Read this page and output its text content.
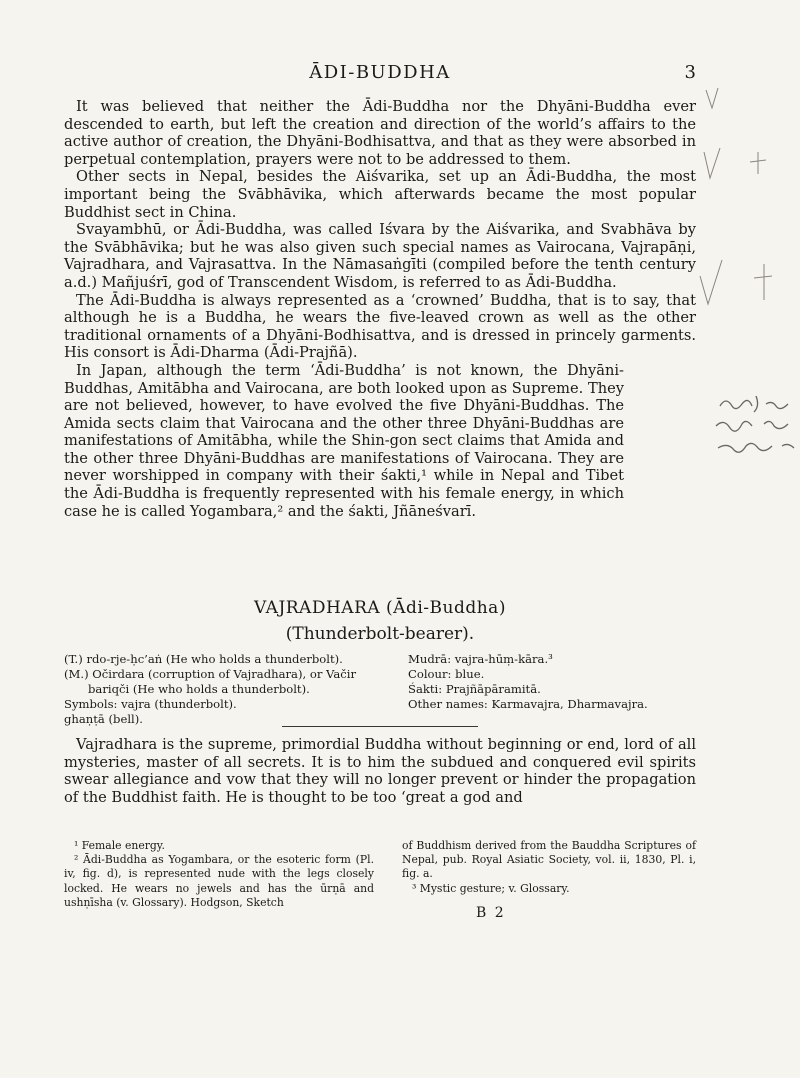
ĀDI-BUDDHA	3

It was believed that neither the Ādi-Buddha nor the Dhyāni-Buddha ever descended to earth, but left the creation and direction of the world’s affairs to the active author of creation, the Dhyāni-Bodhisattva, and that as they were absorbed in perpetual contemplation, prayers were not to be addressed to them.

Other sects in Nepal, besides the Aiśvarika, set up an Ādi-Buddha, the most important being the Svābhāvika, which afterwards became the most popular Buddhist sect in China.

Svayambhū, or Ādi-Buddha, was called Iśvara by the Aiśvarika, and Svabhāva by the Svābhāvika; but he was also given such special names as Vairocana, Vajrapāṇi, Vajradhara, and Vajrasattva. In the Nāmasaṅgīti (compiled before the tenth century a.d.) Mañjuśrī, god of Transcendent Wisdom, is referred to as Ādi-Buddha.

The Ādi-Buddha is always represented as a ‘crowned’ Buddha, that is to say, that although he is a Buddha, he wears the five-leaved crown as well as the other traditional ornaments of a Dhyāni-Bodhisattva, and is dressed in princely garments. His consort is Ādi-Dharma (Ādi-Prajñā).

In Japan, although the term ‘Ādi-Buddha’ is not known, the Dhyāni-Buddhas, Amitābha and Vairocana, are both looked upon as Supreme. They are not believed, however, to have evolved the five Dhyāni-Buddhas. The Amida sects claim that Vairocana and the other three Dhyāni-Buddhas are manifestations of Amitābha, while the Shin-gon sect claims that Amida and the other three Dhyāni-Buddhas are manifestations of Vairocana. They are never worshipped in company with their śakti,¹ while in Nepal and Tibet the Ādi-Buddha is frequently represented with his female energy, in which case he is called Yogambara,² and the śakti, Jñāneśvarī.

VAJRADHARA (Ādi-Buddha)
(Thunderbolt-bearer).
(T.) rdo-rje-ḥc’aṅ (He who holds a thunderbolt).
(M.) Očirdara (corruption of Vajradhara), or Vačir
bariqči (He who holds a thunderbolt).
Symbols: vajra (thunderbolt).
ghaṇṭā (bell).
Mudrā: vajra-hūṃ-kāra.³
Colour: blue.
Śakti: Prajñāpāramitā.
Other names: Karmavajra, Dharmavajra.

Vajradhara is the supreme, primordial Buddha without beginning or end, lord of all mysteries, master of all secrets. It is to him the subdued and conquered evil spirits swear allegiance and vow that they will no longer prevent or hinder the propagation of the Buddhist faith. He is thought to be too ‘great a god and

¹ Female energy.

² Ādi-Buddha as Yogambara, or the esoteric form (Pl. iv, fig. d), is represented nude with the legs closely locked. He wears no jewels and has the ūrṇā and ushṇīsha (v. Glossary). Hodgson, Sketch

of Buddhism derived from the Bauddha Scriptures of Nepal, pub. Royal Asiatic Society, vol. ii, 1830, Pl. i, fig. a.

³ Mystic gesture; v. Glossary.

B 2
